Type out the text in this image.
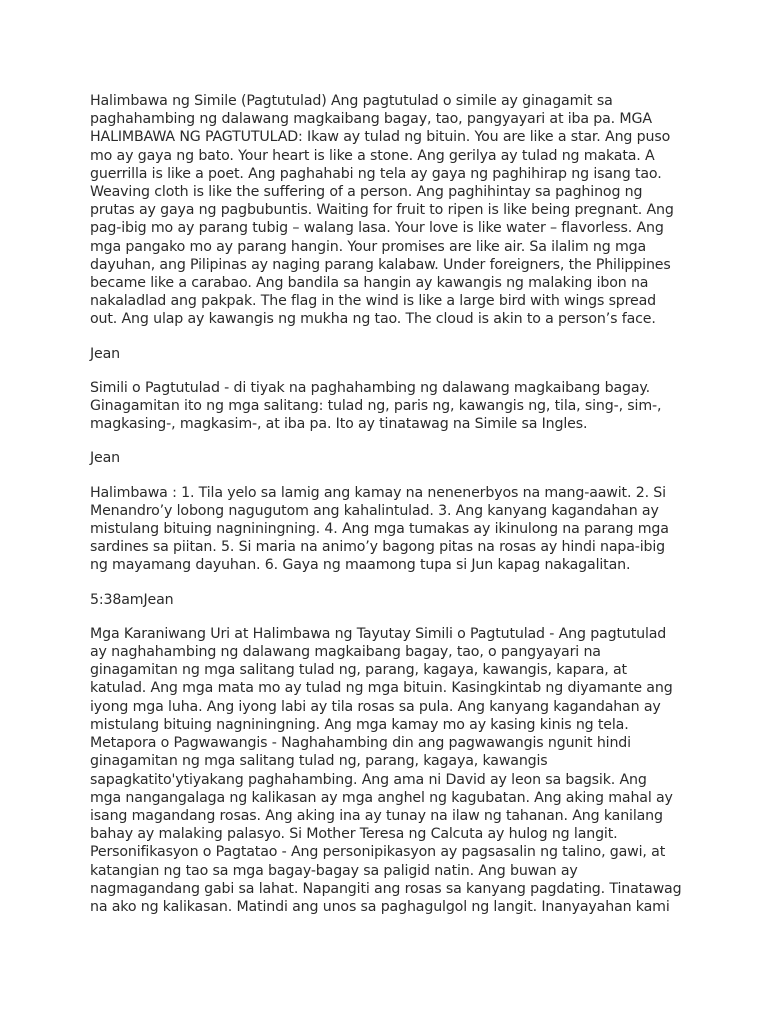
Halimbawa ng Simile (Pagtutulad) Ang pagtutulad o simile ay ginagamit sa
paghahambing ng dalawang magkaibang bagay, tao, pangyayari at iba pa. MGA
HALIMBAWA NG PAGTUTULAD: Ikaw ay tulad ng bituin. You are like a star. Ang puso
mo ay gaya ng bato. Your heart is like a stone. Ang gerilya ay tulad ng makata. A
guerrilla is like a poet. Ang paghahabi ng tela ay gaya ng paghihirap ng isang tao.
Weaving cloth is like the suffering of a person. Ang paghihintay sa paghinog ng
prutas ay gaya ng pagbubuntis. Waiting for fruit to ripen is like being pregnant. Ang
pag-ibig mo ay parang tubig – walang lasa. Your love is like water – flavorless. Ang
mga pangako mo ay parang hangin. Your promises are like air. Sa ilalim ng mga
dayuhan, ang Pilipinas ay naging parang kalabaw. Under foreigners, the Philippines
became like a carabao. Ang bandila sa hangin ay kawangis ng malaking ibon na
nakaladlad ang pakpak. The flag in the wind is like a large bird with wings spread
out. Ang ulap ay kawangis ng mukha ng tao. The cloud is akin to a person’s face.
Jean
Simili o Pagtutulad - di tiyak na paghahambing ng dalawang magkaibang bagay.
Ginagamitan ito ng mga salitang: tulad ng, paris ng, kawangis ng, tila, sing-, sim-,
magkasing-, magkasim-, at iba pa. Ito ay tinatawag na Simile sa Ingles.
Jean
Halimbawa : 1. Tila yelo sa lamig ang kamay na nenenerbyos na mang-aawit. 2. Si
Menandro’y lobong nagugutom ang kahalintulad. 3. Ang kanyang kagandahan ay
mistulang bituing nagniningning. 4. Ang mga tumakas ay ikinulong na parang mga
sardines sa piitan. 5. Si maria na animo’y bagong pitas na rosas ay hindi napa-ibig
ng mayamang dayuhan. 6. Gaya ng maamong tupa si Jun kapag nakagalitan.
5:38amJean
Mga Karaniwang Uri at Halimbawa ng Tayutay Simili o Pagtutulad - Ang pagtutulad
ay naghahambing ng dalawang magkaibang bagay, tao, o pangyayari na
ginagamitan ng mga salitang tulad ng, parang, kagaya, kawangis, kapara, at
katulad. Ang mga mata mo ay tulad ng mga bituin. Kasingkintab ng diyamante ang
iyong mga luha. Ang iyong labi ay tila rosas sa pula. Ang kanyang kagandahan ay
mistulang bituing nagniningning. Ang mga kamay mo ay kasing kinis ng tela.
Metapora o Pagwawangis - Naghahambing din ang pagwawangis ngunit hindi
ginagamitan ng mga salitang tulad ng, parang, kagaya, kawangis
sapagkatito'ytiyakang paghahambing. Ang ama ni David ay leon sa bagsik. Ang
mga nangangalaga ng kalikasan ay mga anghel ng kagubatan. Ang aking mahal ay
isang magandang rosas. Ang aking ina ay tunay na ilaw ng tahanan. Ang kanilang
bahay ay malaking palasyo. Si Mother Teresa ng Calcuta ay hulog ng langit.
Personifikasyon o Pagtatao - Ang personipikasyon ay pagsasalin ng talino, gawi, at
katangian ng tao sa mga bagay-bagay sa paligid natin. Ang buwan ay
nagmagandang gabi sa lahat. Napangiti ang rosas sa kanyang pagdating. Tinatawag
na ako ng kalikasan. Matindi ang unos sa paghagulgol ng langit. Inanyayahan kami
